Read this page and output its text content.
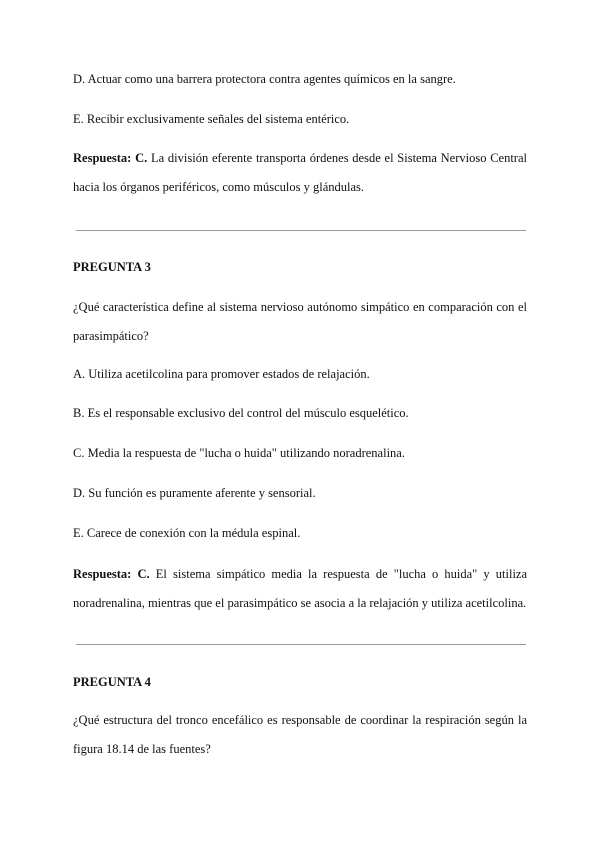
D. Actuar como una barrera protectora contra agentes químicos en la sangre.

E. Recibir exclusivamente señales del sistema entérico.

Respuesta: C. La división eferente transporta órdenes desde el Sistema Nervioso Central hacia los órganos periféricos, como músculos y glándulas.

PREGUNTA 3

¿Qué característica define al sistema nervioso autónomo simpático en comparación con el parasimpático?

A. Utiliza acetilcolina para promover estados de relajación.

B. Es el responsable exclusivo del control del músculo esquelético.

C. Media la respuesta de "lucha o huida" utilizando noradrenalina.

D. Su función es puramente aferente y sensorial.

E. Carece de conexión con la médula espinal.

Respuesta: C. El sistema simpático media la respuesta de "lucha o huida" y utiliza noradrenalina, mientras que el parasimpático se asocia a la relajación y utiliza acetilcolina.

PREGUNTA 4

¿Qué estructura del tronco encefálico es responsable de coordinar la respiración según la figura 18.14 de las fuentes?
